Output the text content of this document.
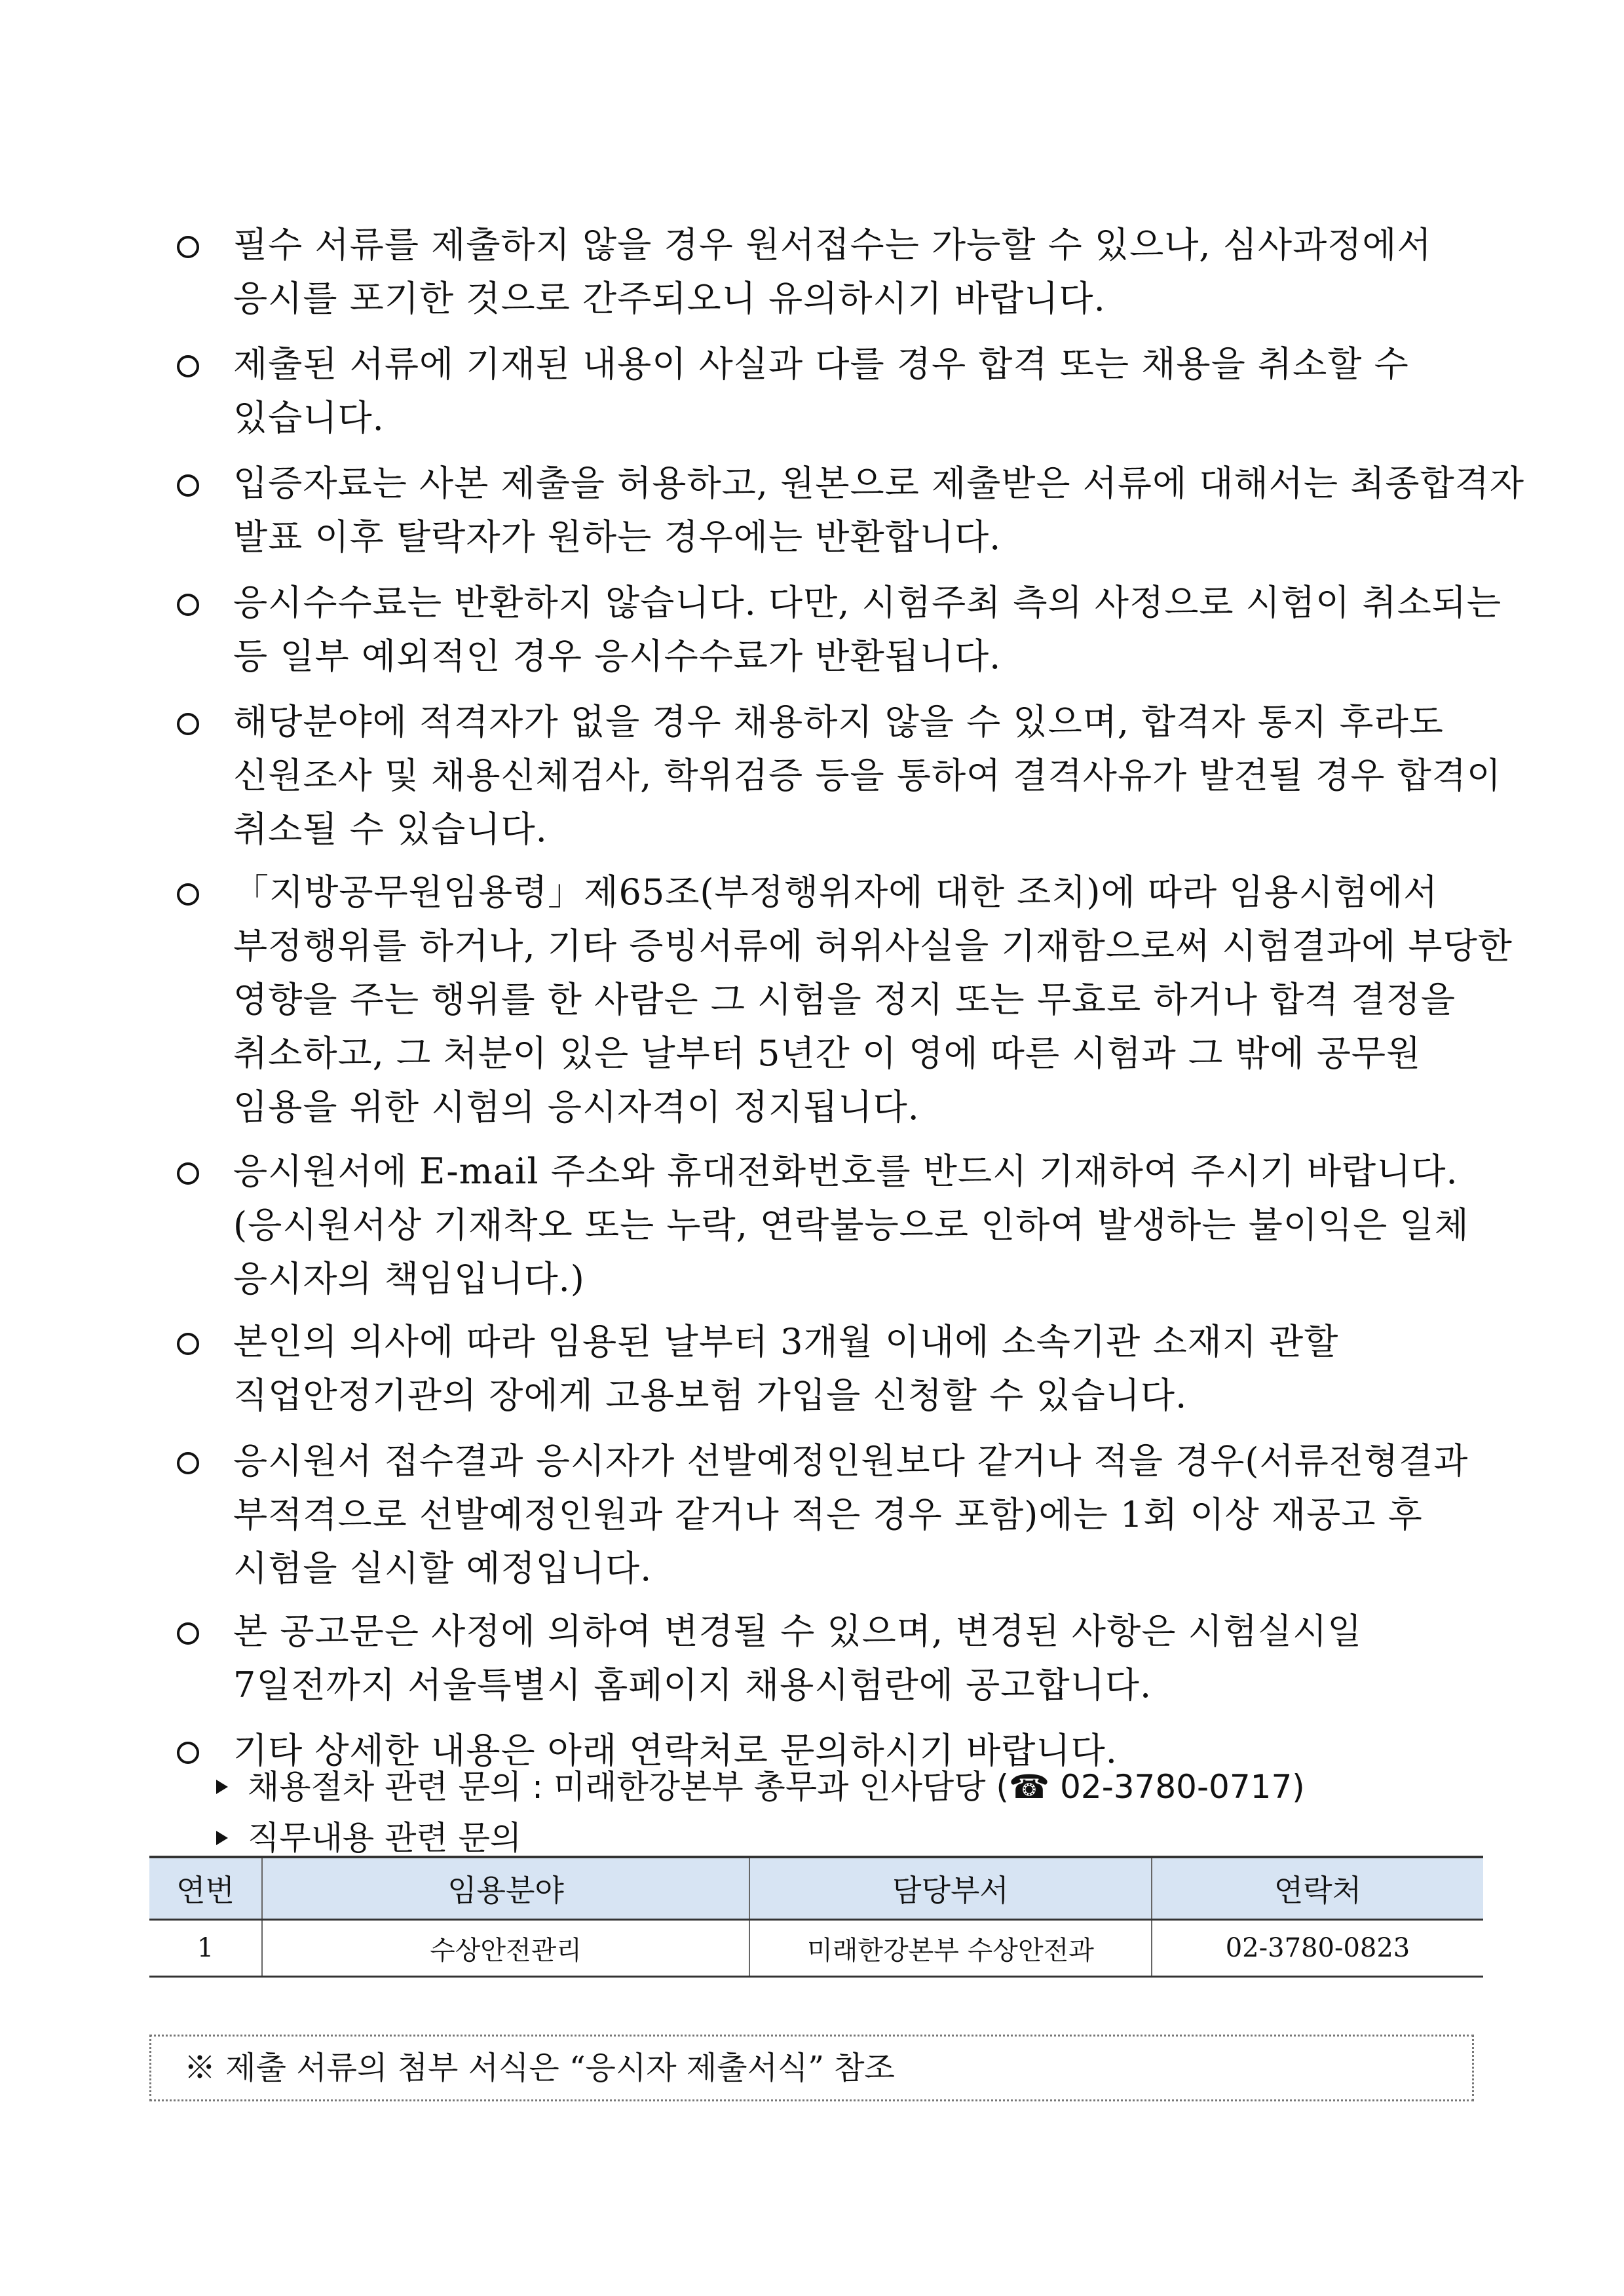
필수 서류를 제출하지 않을 경우 원서접수는 가능할 수 있으나, 심사과정에서
응시를 포기한 것으로 간주되오니 유의하시기 바랍니다.
제출된 서류에 기재된 내용이 사실과 다를 경우 합격 또는 채용을 취소할 수
있습니다.
입증자료는 사본 제출을 허용하고, 원본으로 제출받은 서류에 대해서는 최종합격자
발표 이후 탈락자가 원하는 경우에는 반환합니다.
응시수수료는 반환하지 않습니다. 다만, 시험주최 측의 사정으로 시험이 취소되는
등 일부 예외적인 경우 응시수수료가 반환됩니다.
해당분야에 적격자가 없을 경우 채용하지 않을 수 있으며, 합격자 통지 후라도
신원조사 및 채용신체검사, 학위검증 등을 통하여 결격사유가 발견될 경우 합격이
취소될 수 있습니다.
「지방공무원임용령」제65조(부정행위자에 대한 조치)에 따라 임용시험에서
부정행위를 하거나, 기타 증빙서류에 허위사실을 기재함으로써 시험결과에 부당한
영향을 주는 행위를 한 사람은 그 시험을 정지 또는 무효로 하거나 합격 결정을
취소하고, 그 처분이 있은 날부터 5년간 이 영에 따른 시험과 그 밖에 공무원
임용을 위한 시험의 응시자격이 정지됩니다.
응시원서에 E-mail 주소와 휴대전화번호를 반드시 기재하여 주시기 바랍니다.
(응시원서상 기재착오 또는 누락, 연락불능으로 인하여 발생하는 불이익은 일체
응시자의 책임입니다.)
본인의 의사에 따라 임용된 날부터 3개월 이내에 소속기관 소재지 관할
직업안정기관의 장에게 고용보험 가입을 신청할 수 있습니다.
응시원서 접수결과 응시자가 선발예정인원보다 같거나 적을 경우(서류전형결과
부적격으로 선발예정인원과 같거나 적은 경우 포함)에는 1회 이상 재공고 후
시험을 실시할 예정입니다.
본 공고문은 사정에 의하여 변경될 수 있으며, 변경된 사항은 시험실시일
7일전까지 서울특별시 홈페이지 채용시험란에 공고합니다.
기타 상세한 내용은 아래 연락처로 문의하시기 바랍니다.
채용절차 관련 문의 : 미래한강본부 총무과 인사담당 (☎ 02-3780-0717)
직무내용 관련 문의
연번	임용분야	담당부서	연락처
1	수상안전관리	미래한강본부 수상안전과	02-3780-0823
※ 제출 서류의 첨부 서식은 “응시자 제출서식” 참조
